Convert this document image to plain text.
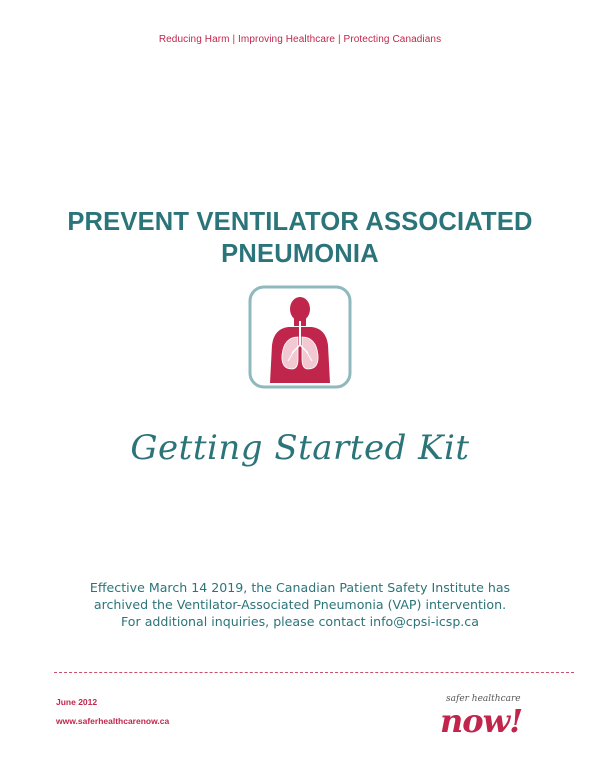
Reducing Harm | Improving Healthcare | Protecting Canadians
PREVENT VENTILATOR ASSOCIATED
PNEUMONIA
Getting Started Kit
Effective March 14 2019, the Canadian Patient Safety Institute has
archived the Ventilator-Associated Pneumonia (VAP) intervention.
For additional inquiries, please contact info@cpsi-icsp.ca
June 2012
www.saferhealthcarenow.ca
safer healthcare
now!
